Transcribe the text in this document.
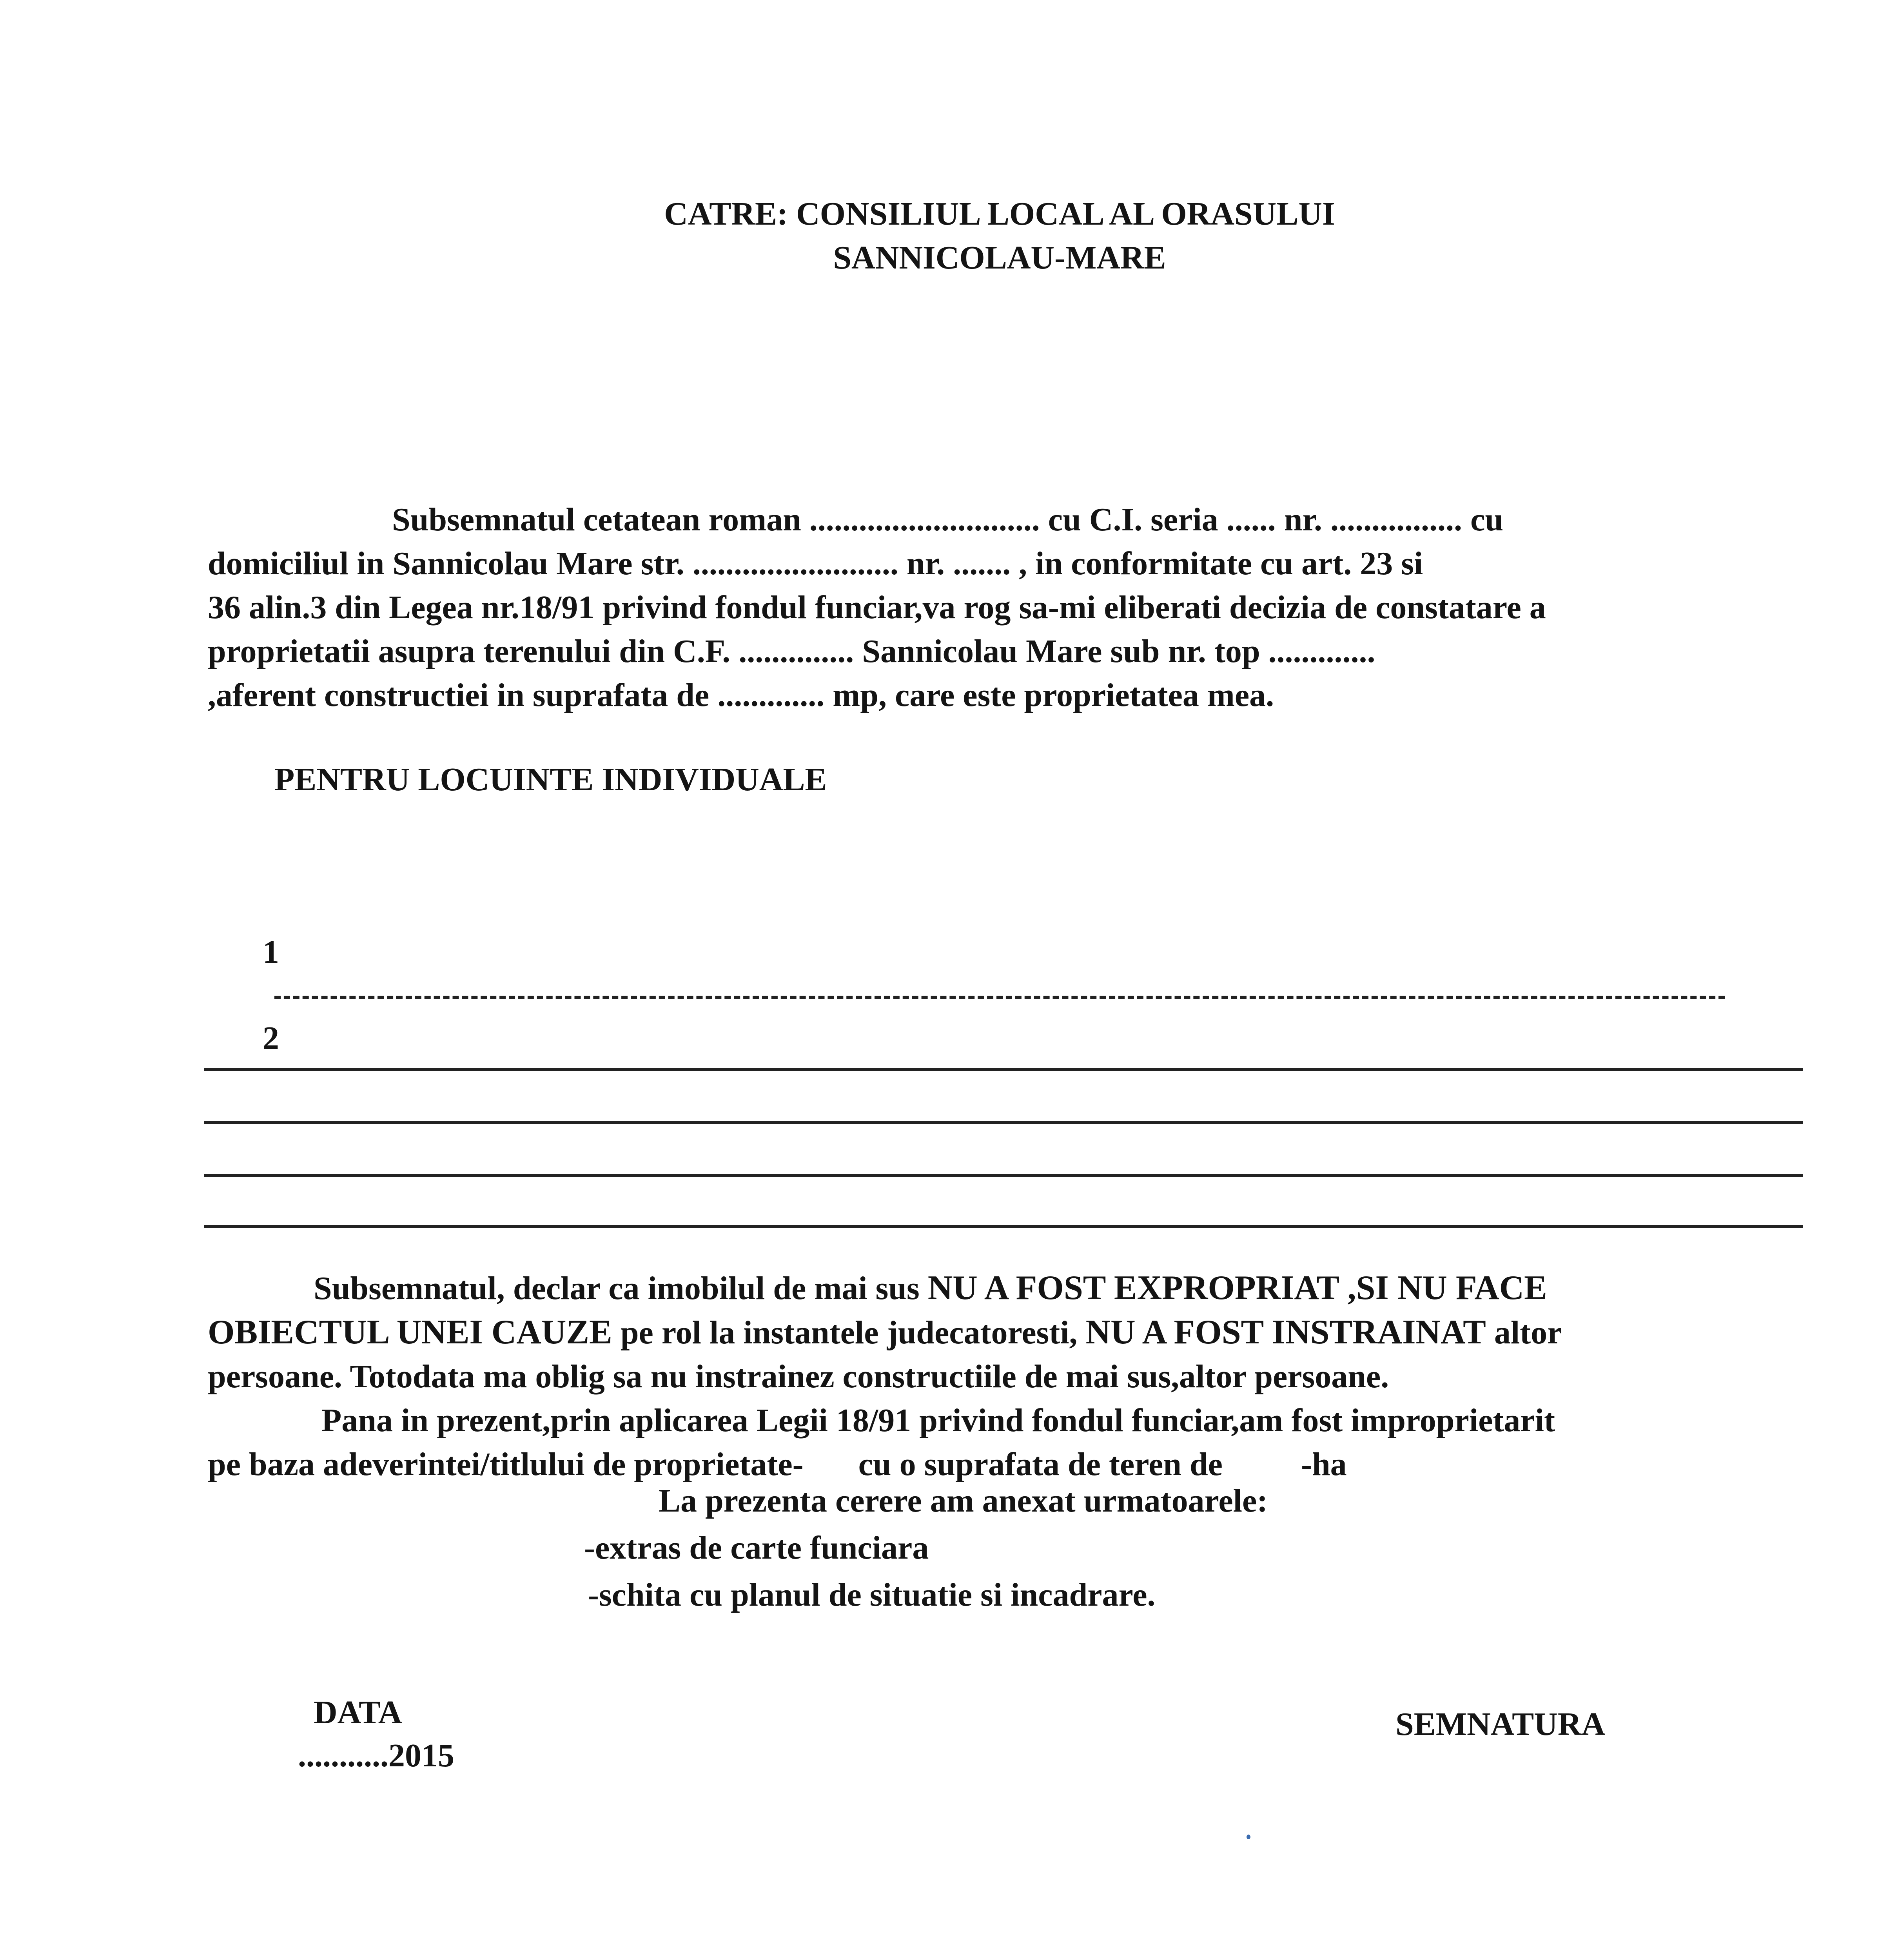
CATRE: CONSILIUL LOCAL AL ORASULUI
SANNICOLAU-MARE
Subsemnatul cetatean roman ............................ cu C.I. seria ...... nr. ................ cu
domiciliul in Sannicolau Mare str. ......................... nr. ....... , in conformitate cu art. 23 si
36 alin.3 din Legea nr.18/91 privind fondul funciar,va rog sa-mi eliberati decizia de constatare a
proprietatii asupra terenului din C.F. .............. Sannicolau Mare sub nr. top .............
,aferent constructiei in suprafata de ............. mp, care este proprietatea mea.
PENTRU LOCUINTE INDIVIDUALE
1
2
Subsemnatul, declar ca imobilul de mai sus NU A FOST EXPROPRIAT ,SI NU FACE
OBIECTUL UNEI CAUZE pe rol la instantele judecatoresti, NU A FOST INSTRAINAT altor
persoane. Totodata ma oblig sa nu instrainez constructiile de mai sus,altor persoane.
Pana in prezent,prin aplicarea Legii 18/91 privind fondul funciar,am fost improprietarit
pe baza adeverintei/titlului de proprietate- cu o suprafata de teren de -ha
La prezenta cerere am anexat urmatoarele:
-extras de carte funciara
-schita cu planul de situatie si incadrare.
DATA
...........2015
SEMNATURA
